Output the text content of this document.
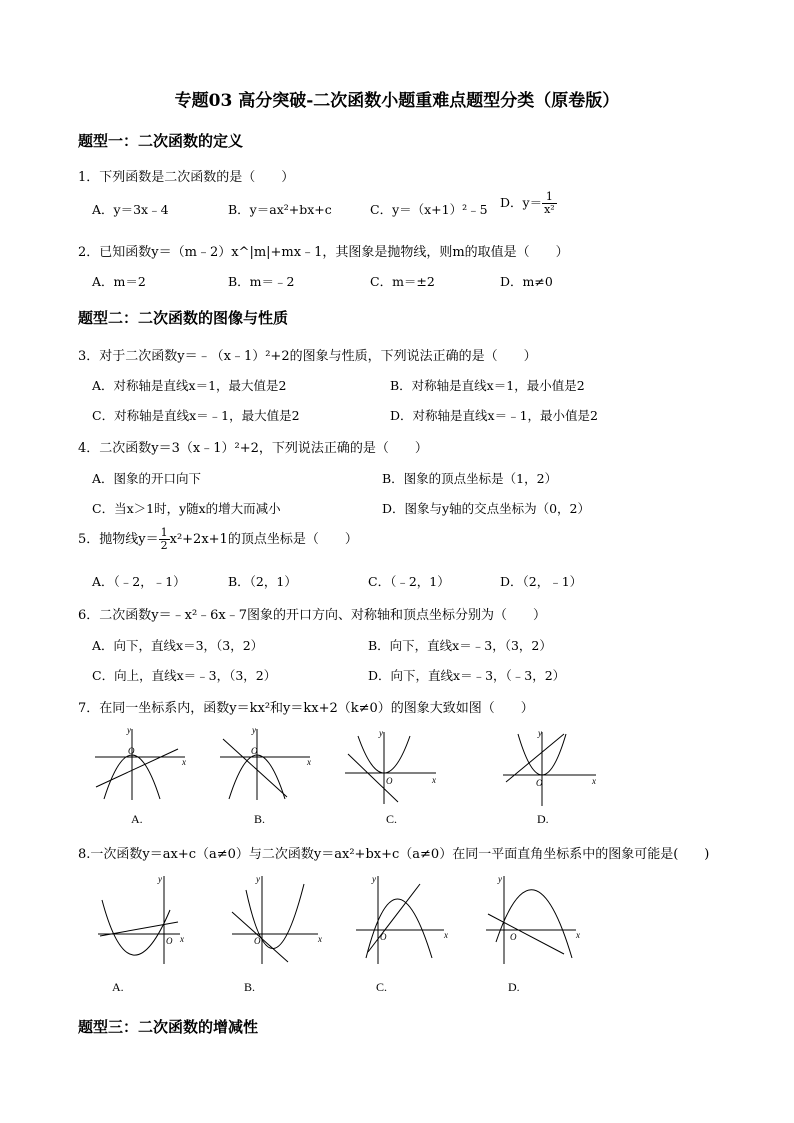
专题03 高分突破-二次函数小题重难点题型分类（原卷版）
题型一：二次函数的定义
1．下列函数是二次函数的是（　　）
A．y＝3x﹣4	B．y＝ax²+bx+c	C．y＝（x+1）²﹣5 D．$y= \frac{1}{\text{x²}}$
2．已知函数y＝（m﹣2）x^|m|+mx﹣1，其图象是抛物线，则m的取值是（　　）
A．m＝2	B．m＝﹣2	C．m＝±2	D．m≠0
题型二：二次函数的图像与性质
3．对于二次函数y＝﹣（x﹣1）²+2的图象与性质，下列说法正确的是（　　）
A．对称轴是直线x＝1，最大值是2	B．对称轴是直线x＝1，最小值是2
C．对称轴是直线x＝﹣1，最大值是2	D．对称轴是直线x＝﹣1，最小值是2
4．二次函数y＝3（x﹣1）²+2，下列说法正确的是（　　）
A．图象的开口向下	B．图象的顶点坐标是（1，2）
C．当x＞1时，y随x的增大而减小	D．图象与y轴的交点坐标为（0，2）
5．抛物线$y= \frac{1}{2} x^2+2x+1$的顶点坐标是（　　）
A．（﹣2，﹣1）	B．（2，1）	C．（﹣2，1）	D．（2，﹣1）
6．二次函数y＝﹣x²﹣6x﹣7图象的开口方向、对称轴和顶点坐标分别为（　　）
A．向下，直线x＝3，（3，2）	B．向下，直线x＝﹣3，（3，2）
C．向上，直线x＝﹣3，（3，2）	D．向下，直线x＝﹣3，（﹣3，2）
7．在同一坐标系内，函数y＝kx²和y＝kx+2（k≠0）的图象大致如图（　　）
y
O
x
y
O
x
y
O	x
y
O	x
A.	B.	C.	D.
8.一次函数y＝ax+c（a≠0）与二次函数y＝ax²+bx+c（a≠0）在同一平面直角坐标系中的图象可能是(　　)
y
O x
y
O	x
y
O	x
y
O	x
A.	B.	C.	D.
题型三：二次函数的增减性
